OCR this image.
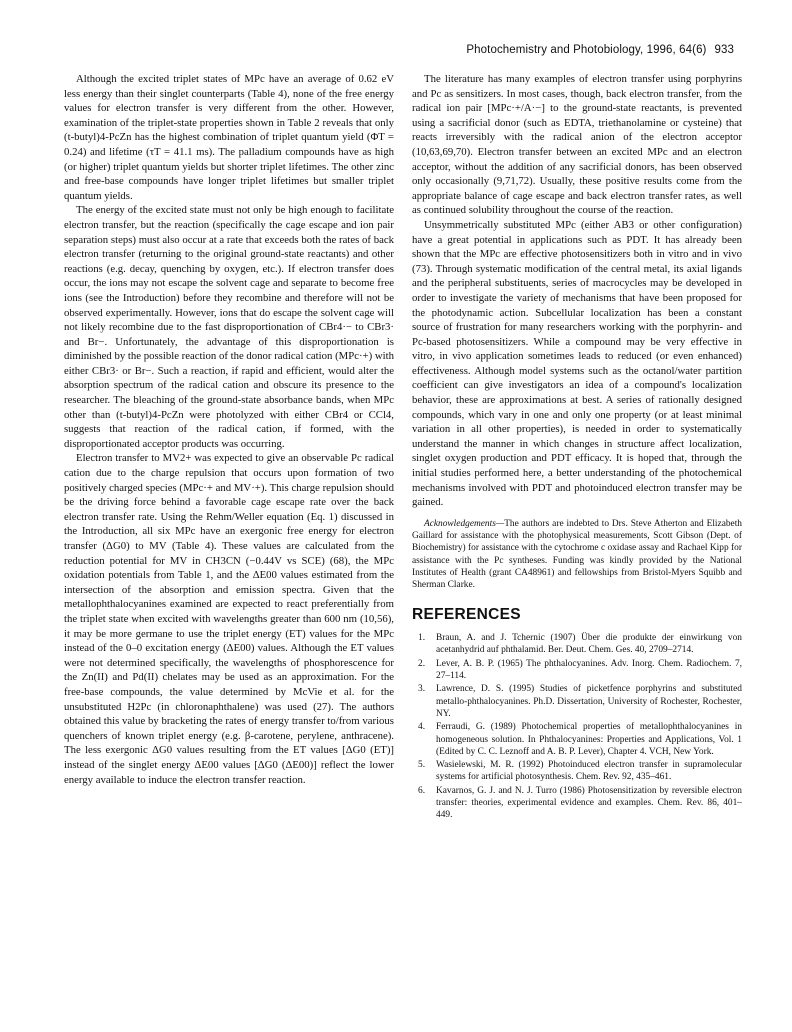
Photochemistry and Photobiology, 1996, 64(6) 933

Although the excited triplet states of MPc have an average of 0.62 eV less energy than their singlet counterparts (Table 4), none of the free energy values for electron transfer is very different from the other. However, examination of the triplet-state properties shown in Table 2 reveals that only (t-butyl)4-PcZn has the highest combination of triplet quantum yield (ΦT = 0.24) and lifetime (τT = 41.1 ms). The palladium compounds have as high (or higher) triplet quantum yields but shorter triplet lifetimes. The other zinc and free-base compounds have longer triplet lifetimes but smaller triplet quantum yields.

The energy of the excited state must not only be high enough to facilitate electron transfer, but the reaction (specifically the cage escape and ion pair separation steps) must also occur at a rate that exceeds both the rates of back electron transfer (returning to the original ground-state reactants) and other reactions (e.g. decay, quenching by oxygen, etc.). If electron transfer does occur, the ions may not escape the solvent cage and separate to become free ions (see the Introduction) before they recombine and therefore will not be observed experimentally. However, ions that do escape the solvent cage will not likely recombine due to the fast disproportionation of CBr4·− to CBr3· and Br−. Unfortunately, the advantage of this disproportionation is diminished by the possible reaction of the donor radical cation (MPc·+) with either CBr3· or Br−. Such a reaction, if rapid and efficient, would alter the absorption spectrum of the radical cation and obscure its presence to the researcher. The bleaching of the ground-state absorbance bands, when MPc other than (t-butyl)4-PcZn were photolyzed with either CBr4 or CCl4, suggests that reaction of the radical cation, if formed, with the disproportionated acceptor products was occurring.

Electron transfer to MV2+ was expected to give an observable Pc radical cation due to the charge repulsion that occurs upon formation of two positively charged species (MPc·+ and MV·+). This charge repulsion should be the driving force behind a favorable cage escape rate over the back electron transfer rate. Using the Rehm/Weller equation (Eq. 1) discussed in the Introduction, all six MPc have an exergonic free energy for electron transfer (ΔG0) to MV (Table 4). These values are calculated from the reduction potential for MV in CH3CN (−0.44V vs SCE) (68), the MPc oxidation potentials from Table 1, and the ΔE00 values estimated from the intersection of the absorption and emission spectra. Given that the metallophthalocyanines examined are expected to react preferentially from the triplet state when excited with wavelengths greater than 600 nm (10,56), it may be more germane to use the triplet energy (ET) values for the MPc instead of the 0–0 excitation energy (ΔE00) values. Although the ET values were not determined specifically, the wavelengths of phosphorescence for the Zn(II) and Pd(II) chelates may be used as an approximation. For the free-base compounds, the value determined by McVie et al. for the unsubstituted H2Pc (in chloronaphthalene) was used (27). The authors obtained this value by bracketing the rates of energy transfer to/from various quenchers of known triplet energy (e.g. β-carotene, perylene, anthracene). The less exergonic ΔG0 values resulting from the ET values [ΔG0 (ET)] instead of the singlet energy ΔE00 values [ΔG0 (ΔE00)] reflect the lower energy available to induce the electron transfer reaction.

The literature has many examples of electron transfer using porphyrins and Pc as sensitizers. In most cases, though, back electron transfer, from the radical ion pair [MPc·+/A·−] to the ground-state reactants, is prevented using a sacrificial donor (such as EDTA, triethanolamine or cysteine) that reacts irreversibly with the radical anion of the electron acceptor (10,63,69,70). Electron transfer between an excited MPc and an electron acceptor, without the addition of any sacrificial donors, has been observed only occasionally (9,71,72). Usually, these positive results come from the appropriate balance of cage escape and back electron transfer rates, as well as continued solubility throughout the course of the reaction.

Unsymmetrically substituted MPc (either AB3 or other configuration) have a great potential in applications such as PDT. It has already been shown that the MPc are effective photosensitizers both in vitro and in vivo (73). Through systematic modification of the central metal, its axial ligands and the peripheral substituents, series of macrocycles may be developed in order to investigate the variety of mechanisms that have been proposed for the photodynamic action. Subcellular localization has been a constant source of frustration for many researchers working with the porphyrin- and Pc-based photosensitizers. While a compound may be very effective in vitro, in vivo application sometimes leads to reduced (or even enhanced) effectiveness. Although model systems such as the octanol/water partition coefficient can give investigators an idea of a compound's localization behavior, these are approximations at best. A series of rationally designed compounds, which vary in one and only one property (or at least minimal variation in all other properties), is needed in order to systematically understand the manner in which changes in structure affect localization, singlet oxygen production and PDT efficacy. It is hoped that, through the initial studies performed here, a better understanding of the photochemical mechanisms involved with PDT and photoinduced electron transfer may be gained.

Acknowledgements—The authors are indebted to Drs. Steve Atherton and Elizabeth Gaillard for assistance with the photophysical measurements, Scott Gibson (Dept. of Biochemistry) for assistance with the cytochrome c oxidase assay and Rachael Kipp for assistance with the Pc syntheses. Funding was kindly provided by the National Institutes of Health (grant CA48961) and fellowships from Bristol-Myers Squibb and Sherman Clarke.

REFERENCES
1. Braun, A. and J. Tchernic (1907) Über die produkte der einwirkung von acetanhydrid auf phthalamid. Ber. Deut. Chem. Ges. 40, 2709–2714.
2. Lever, A. B. P. (1965) The phthalocyanines. Adv. Inorg. Chem. Radiochem. 7, 27–114.
3. Lawrence, D. S. (1995) Studies of picketfence porphyrins and substituted metallo-phthalocyanines. Ph.D. Dissertation, University of Rochester, Rochester, NY.
4. Ferraudi, G. (1989) Photochemical properties of metallophthalocyanines in homogeneous solution. In Phthalocyanines: Properties and Applications, Vol. 1 (Edited by C. C. Leznoff and A. B. P. Lever), Chapter 4. VCH, New York.
5. Wasielewski, M. R. (1992) Photoinduced electron transfer in supramolecular systems for artificial photosynthesis. Chem. Rev. 92, 435–461.
6. Kavarnos, G. J. and N. J. Turro (1986) Photosensitization by reversible electron transfer: theories, experimental evidence and examples. Chem. Rev. 86, 401–449.
